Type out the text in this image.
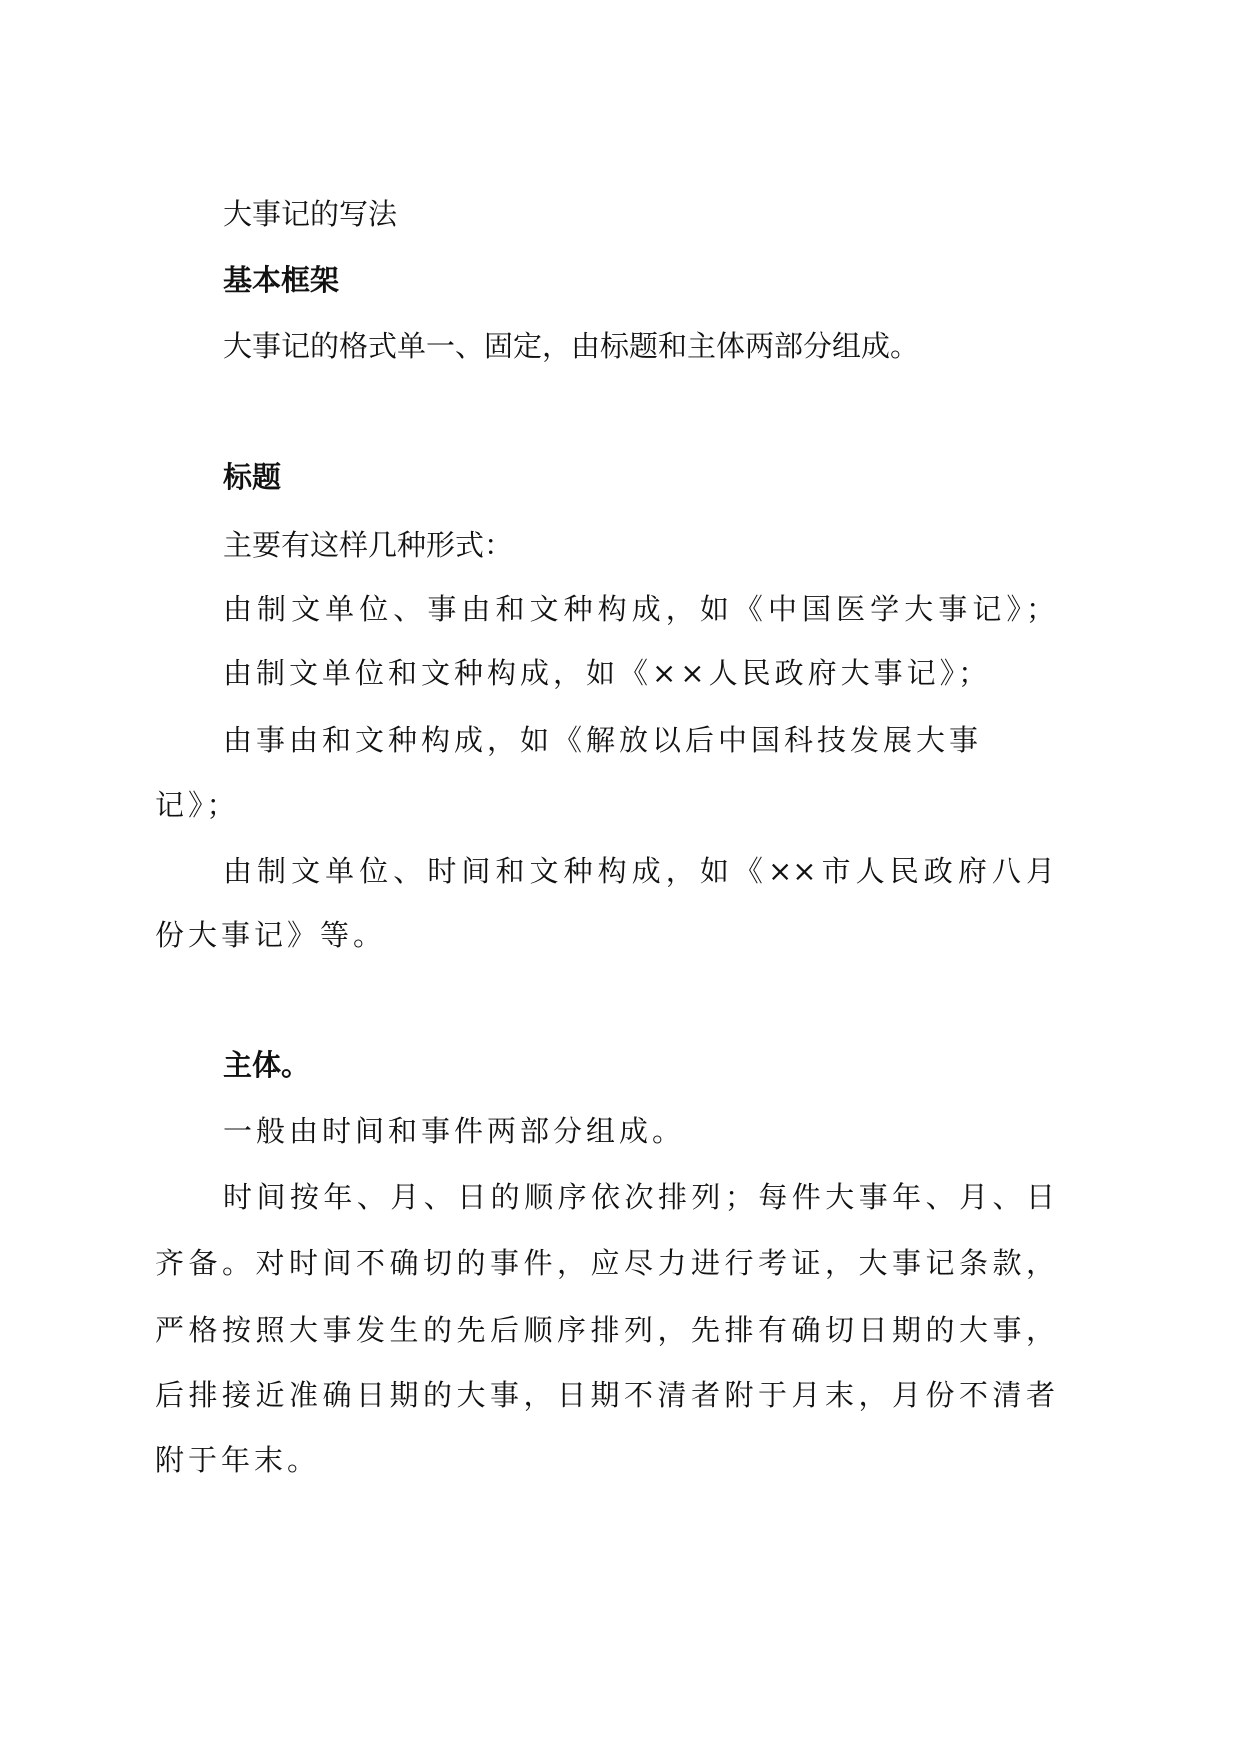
大事记的写法
基本框架
大事记的格式单一、固定，由标题和主体两部分组成。
标题
主要有这样几种形式：
由制文单位、事由和文种构成，如《中国医学大事记》；
由制文单位和文种构成，如《××人民政府大事记》；
由事由和文种构成，如《解放以后中国科技发展大事
记》；
由制文单位、时间和文种构成，如《××市人民政府八月
份大事记》等。
主体。
一般由时间和事件两部分组成。
时间按年、月、日的顺序依次排列；每件大事年、月、日
齐备。对时间不确切的事件，应尽力进行考证，大事记条款，
严格按照大事发生的先后顺序排列，先排有确切日期的大事，
后排接近准确日期的大事，日期不清者附于月末，月份不清者
附于年末。
